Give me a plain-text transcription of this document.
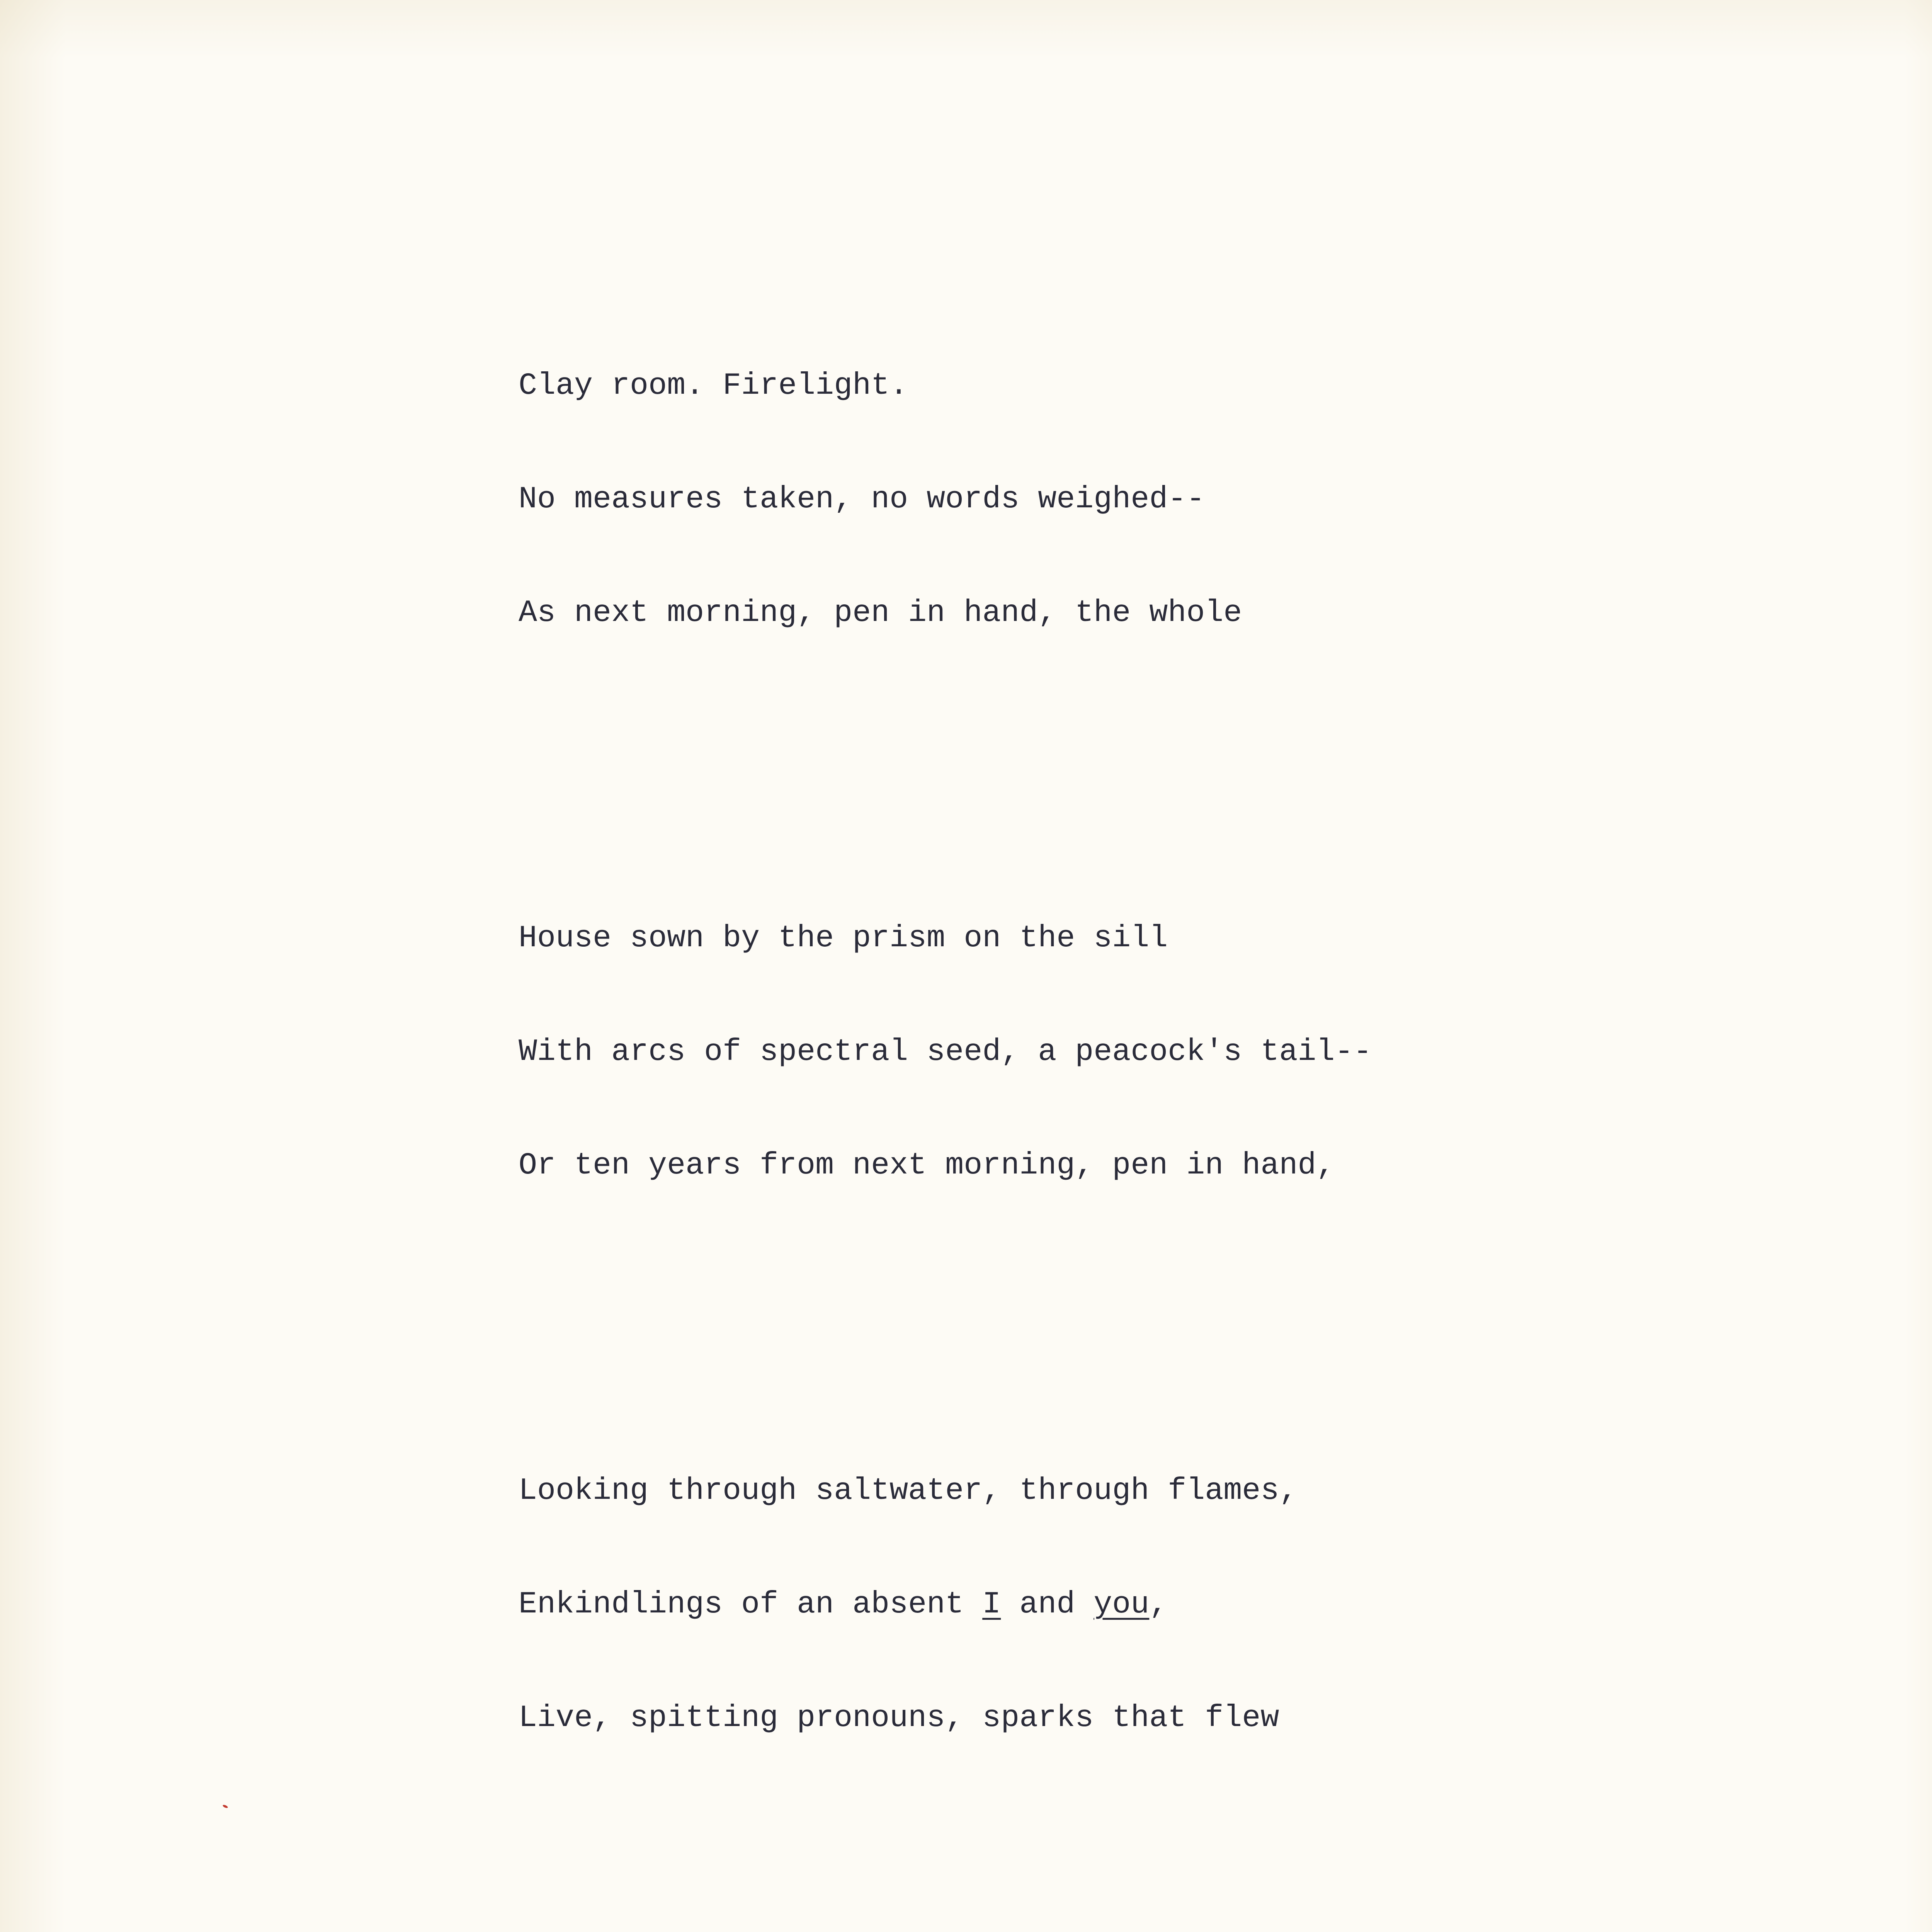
Clay room. Firelight.

No measures taken, no words weighed--

As next morning, pen in hand, the whole

House sown by the prism on the sill

With arcs of spectral seed, a peacock's tail--

Or ten years from next morning, pen in hand,

Looking through saltwater, through flames,

Enkindlings of an absent I and you,

Live, spitting pronouns, sparks that flew
